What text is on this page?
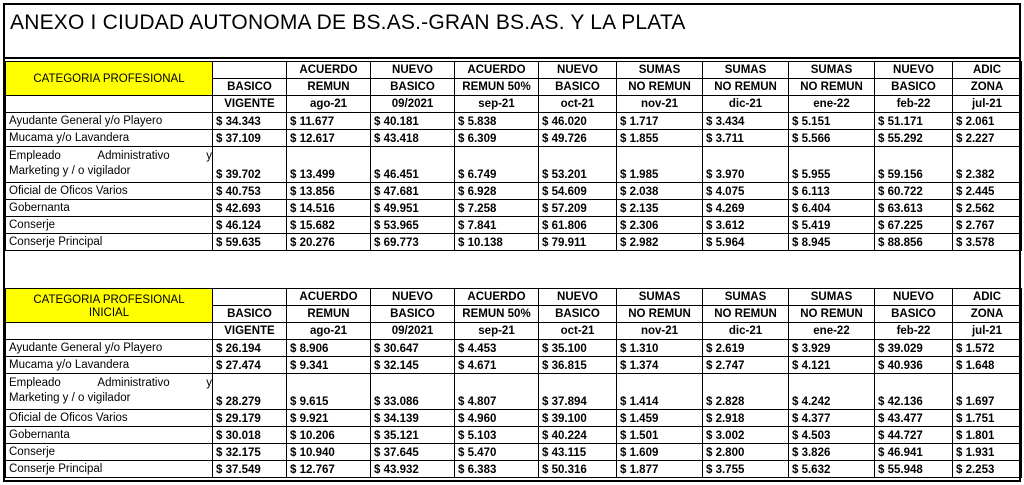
ANEXO I CIUDAD AUTONOMA DE BS.AS.-GRAN BS.AS. Y LA PLATA
CATEGORIA PROFESIONAL		ACUERDO	NUEVO	ACUERDO	NUEVO	SUMAS	SUMAS	SUMAS	NUEVO	ADIC
	BASICO	REMUN	BASICO	REMUN 50%	BASICO	NO REMUN	NO REMUN	NO REMUN	BASICO	ZONA
	VIGENTE	ago-21	09/2021	sep-21	oct-21	nov-21	dic-21	ene-22	feb-22	jul-21
Ayudante General y/o Playero	$ 34.343	$ 11.677	$ 40.181	$ 5.838	$ 46.020	$ 1.717	$ 3.434	$ 5.151	$ 51.171	$ 2.061
Mucama y/o Lavandera	$ 37.109	$ 12.617	$ 43.418	$ 6.309	$ 49.726	$ 1.855	$ 3.711	$ 5.566	$ 55.292	$ 2.227

Empleado Administrativo y
Marketing y / o vigilador	$ 39.702	$ 13.499	$ 46.451	$ 6.749	$ 53.201	$ 1.985	$ 3.970	$ 5.955	$ 59.156	$ 2.382
Oficial de Oficos Varios	$ 40.753	$ 13.856	$ 47.681	$ 6.928	$ 54.609	$ 2.038	$ 4.075	$ 6.113	$ 60.722	$ 2.445
Gobernanta	$ 42.693	$ 14.516	$ 49.951	$ 7.258	$ 57.209	$ 2.135	$ 4.269	$ 6.404	$ 63.613	$ 2.562
Conserje	$ 46.124	$ 15.682	$ 53.965	$ 7.841	$ 61.806	$ 2.306	$ 3.612	$ 5.419	$ 67.225	$ 2.767
Conserje Principal	$ 59.635	$ 20.276	$ 69.773	$ 10.138	$ 79.911	$ 2.982	$ 5.964	$ 8.945	$ 88.856	$ 3.578
CATEGORIA PROFESIONAL
INICIAL		ACUERDO	NUEVO	ACUERDO	NUEVO	SUMAS	SUMAS	SUMAS	NUEVO	ADIC
	BASICO	REMUN	BASICO	REMUN 50%	BASICO	NO REMUN	NO REMUN	NO REMUN	BASICO	ZONA
	VIGENTE	ago-21	09/2021	sep-21	oct-21	nov-21	dic-21	ene-22	feb-22	jul-21
Ayudante General y/o Playero	$ 26.194	$ 8.906	$ 30.647	$ 4.453	$ 35.100	$ 1.310	$ 2.619	$ 3.929	$ 39.029	$ 1.572
Mucama y/o Lavandera	$ 27.474	$ 9.341	$ 32.145	$ 4.671	$ 36.815	$ 1.374	$ 2.747	$ 4.121	$ 40.936	$ 1.648

Empleado Administrativo y
Marketing y / o vigilador	$ 28.279	$ 9.615	$ 33.086	$ 4.807	$ 37.894	$ 1.414	$ 2.828	$ 4.242	$ 42.136	$ 1.697
Oficial de Oficos Varios	$ 29.179	$ 9.921	$ 34.139	$ 4.960	$ 39.100	$ 1.459	$ 2.918	$ 4.377	$ 43.477	$ 1.751
Gobernanta	$ 30.018	$ 10.206	$ 35.121	$ 5.103	$ 40.224	$ 1.501	$ 3.002	$ 4.503	$ 44.727	$ 1.801
Conserje	$ 32.175	$ 10.940	$ 37.645	$ 5.470	$ 43.115	$ 1.609	$ 2.800	$ 3.826	$ 46.941	$ 1.931
Conserje Principal	$ 37.549	$ 12.767	$ 43.932	$ 6.383	$ 50.316	$ 1.877	$ 3.755	$ 5.632	$ 55.948	$ 2.253
